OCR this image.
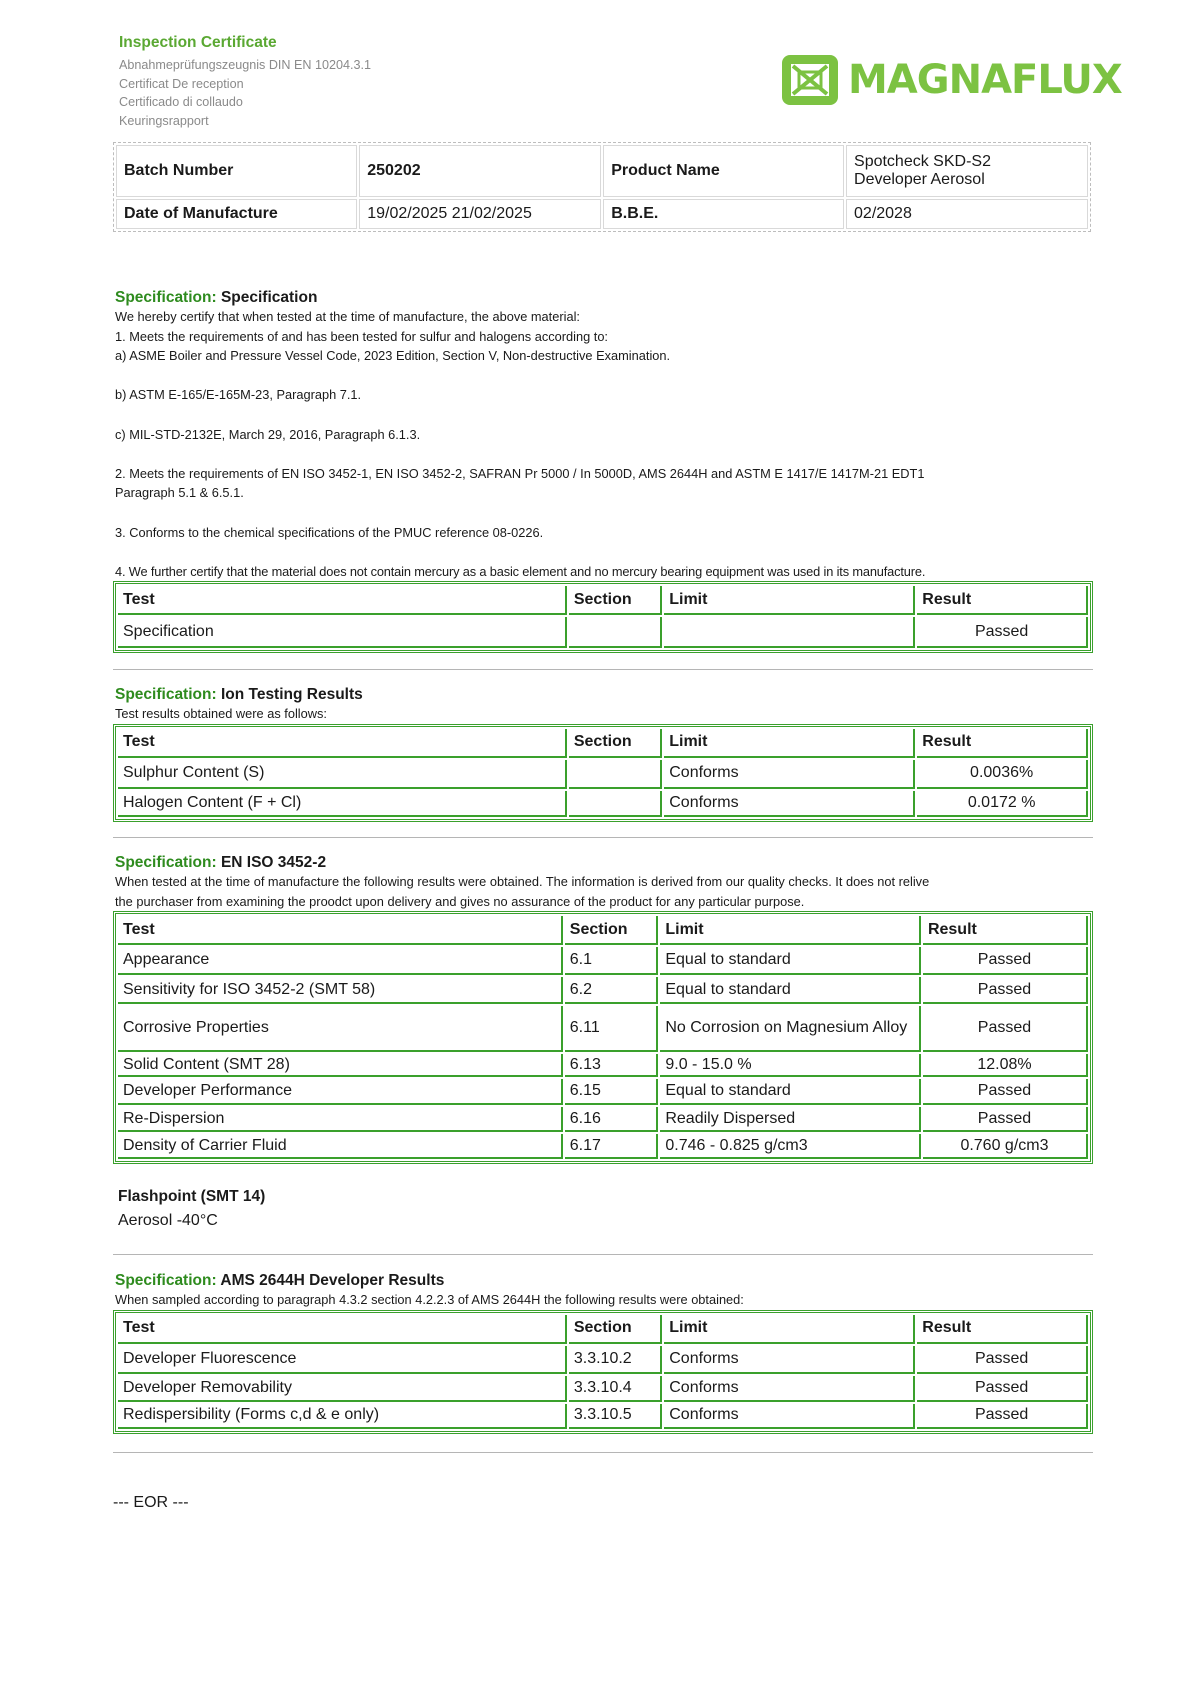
Inspection Certificate
Abnahmeprüfungszeugnis DIN EN 10204.3.1
Certificat De reception
Certificado di collaudo
Keuringsrapport
MAGNAFLUX
Batch Number	250202	Product Name	Spotcheck SKD-S2
Developer Aerosol

Date of Manufacture	19/02/2025 21/02/2025	B.B.E.	02/2028
Specification: Specification

We hereby certify that when tested at the time of manufacture, the above material:

1. Meets the requirements of and has been tested for sulfur and halogens according to:

a) ASME Boiler and Pressure Vessel Code, 2023 Edition, Section V, Non-destructive Examination.

b) ASTM E-165/E-165M-23, Paragraph 7.1.

c) MIL-STD-2132E, March 29, 2016, Paragraph 6.1.3.

2. Meets the requirements of EN ISO 3452-1, EN ISO 3452-2, SAFRAN Pr 5000 / In 5000D, AMS 2644H and ASTM E 1417/E 1417M-21 EDT1

Paragraph 5.1 & 6.5.1.

3. Conforms to the chemical specifications of the PMUC reference 08-0226.

4. We further certify that the material does not contain mercury as a basic element and no mercury bearing equipment was used in its manufacture.

Test	Section	Limit	Result
Specification			Passed
Specification: Ion Testing Results
Test results obtained were as follows:
Test	Section	Limit	Result
Sulphur Content (S)		Conforms	0.0036%
Halogen Content (F + Cl)		Conforms	0.0172 %
Specification: EN ISO 3452-2

When tested at the time of manufacture the following results were obtained. The information is derived from our quality checks. It does not relive

the purchaser from examining the proodct upon delivery and gives no assurance of the product for any particular purpose.

Test	Section	Limit	Result
Appearance	6.1	Equal to standard	Passed
Sensitivity for ISO 3452-2 (SMT 58)	6.2	Equal to standard	Passed
Corrosive Properties	6.11	No Corrosion on Magnesium Alloy	Passed
Solid Content (SMT 28)	6.13	9.0 - 15.0 %	12.08%
Developer Performance	6.15	Equal to standard	Passed
Re-Dispersion	6.16	Readily Dispersed	Passed
Density of Carrier Fluid	6.17	0.746 - 0.825 g/cm3	0.760 g/cm3
Flashpoint (SMT 14)
Aerosol -40°C
Specification: AMS 2644H Developer Results
When sampled according to paragraph 4.3.2 section 4.2.2.3 of AMS 2644H the following results were obtained:
Test	Section	Limit	Result
Developer Fluorescence	3.3.10.2	Conforms	Passed
Developer Removability	3.3.10.4	Conforms	Passed
Redispersibility (Forms c,d & e only)	3.3.10.5	Conforms	Passed
--- EOR ---
